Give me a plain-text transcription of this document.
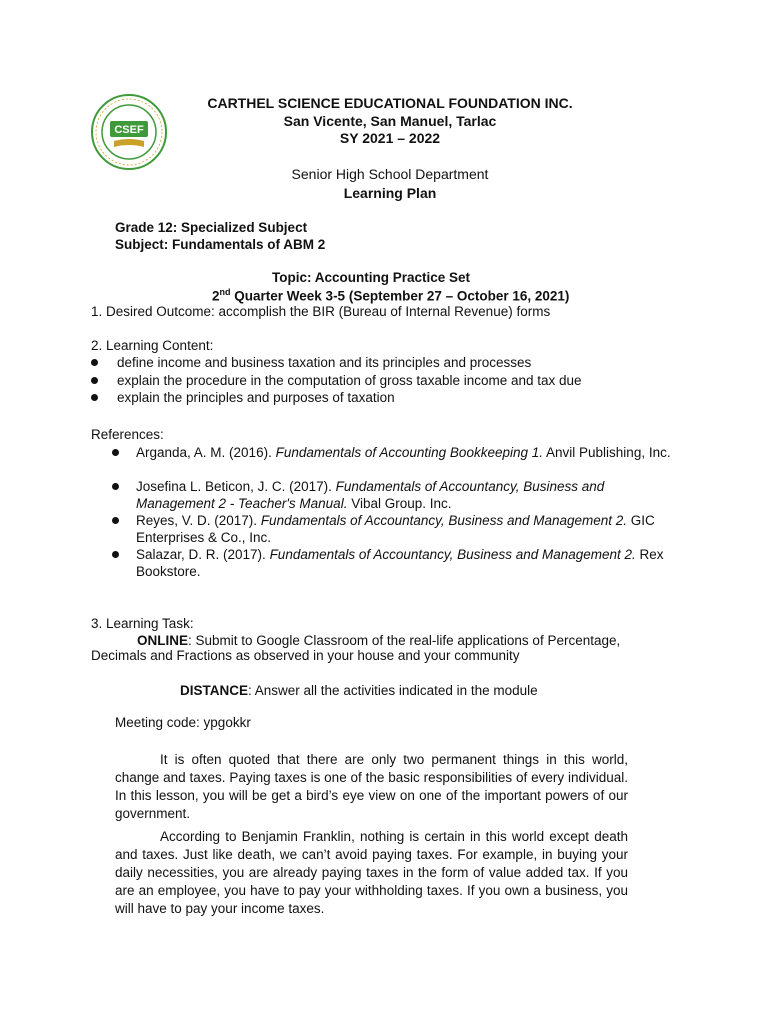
CSEF
CARTHEL SCIENCE EDUCATIONAL FOUNDATION INC.
San Vicente, San Manuel, Tarlac
SY 2021 – 2022
Senior High School Department
Learning Plan
Grade 12: Specialized Subject
Subject: Fundamentals of ABM 2
Topic: Accounting Practice Set
2nd Quarter Week 3-5 (September 27 – October 16, 2021)
1. Desired Outcome: accomplish the BIR (Bureau of Internal Revenue) forms
2. Learning Content:
define income and business taxation and its principles and processes
explain the procedure in the computation of gross taxable income and tax due
explain the principles and purposes of taxation
References:
Arganda, A. M. (2016). Fundamentals of Accounting Bookkeeping 1. Anvil Publishing, Inc.
Josefina L. Beticon, J. C. (2017). Fundamentals of Accountancy, Business and Management 2 - Teacher's Manual. Vibal Group. Inc.
Reyes, V. D. (2017). Fundamentals of Accountancy, Business and Management 2. GIC Enterprises & Co., Inc.
Salazar, D. R. (2017). Fundamentals of Accountancy, Business and Management 2. Rex Bookstore.
3. Learning Task:
ONLINE: Submit to Google Classroom of the real-life applications of Percentage,
Decimals and Fractions as observed in your house and your community
DISTANCE: Answer all the activities indicated in the module
Meeting code: ypgokkr
It is often quoted that there are only two permanent things in this world, change and taxes. Paying taxes is one of the basic responsibilities of every individual. In this lesson, you will be get a bird’s eye view on one of the important powers of our government.
According to Benjamin Franklin, nothing is certain in this world except death and taxes. Just like death, we can’t avoid paying taxes. For example, in buying your daily necessities, you are already paying taxes in the form of value added tax. If you are an employee, you have to pay your withholding taxes. If you own a business, you will have to pay your income taxes.
